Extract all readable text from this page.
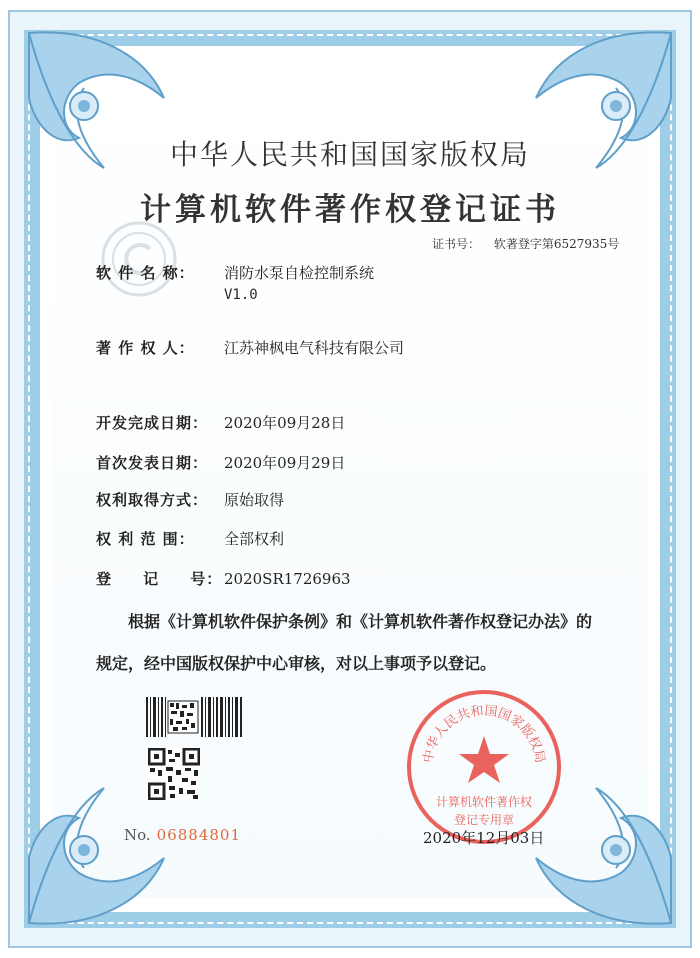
中华人民共和国国家版权局
计算机软件著作权登记证书
证书号： 软著登字第6527935号
软 件 名 称： 消防水泵自检控制系统
V1.0
著 作 权 人： 江苏神枫电气科技有限公司
开发完成日期： 2020年09月28日
首次发表日期： 2020年09月29日
权利取得方式： 原始取得
权 利 范 围： 全部权利
登     记     号： 2020SR1726963
根据《计算机软件保护条例》和《计算机软件著作权登记办法》的
规定，经中国版权保护中心审核，对以上事项予以登记。
No. 06884801
中华人民共和国国家版权局
计算机软件著作权
登记专用章
2020年12月03日
